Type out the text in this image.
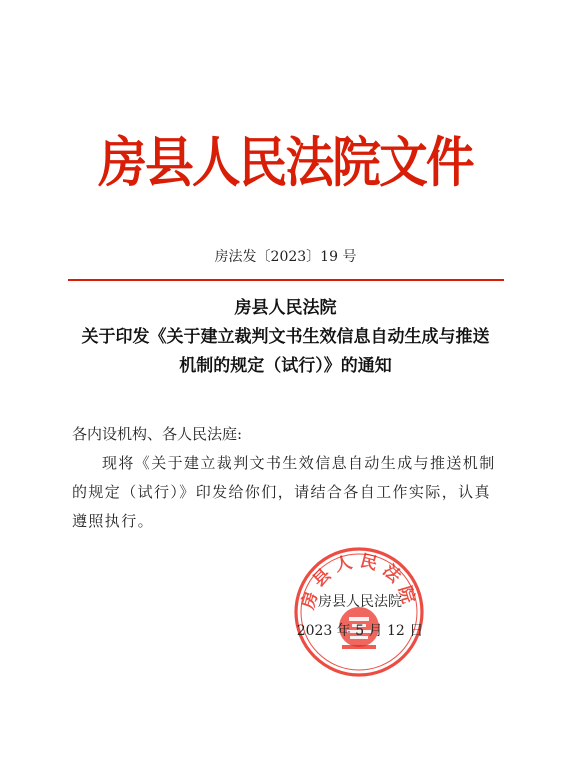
房县人民法院文件
房法发〔2023〕19 号
房县人民法院
关于印发《关于建立裁判文书生效信息自动生成与推送
机制的规定（试行）》的通知

各内设机构、各人民法庭:

现将《关于建立裁判文书生效信息自动生成与推送机制的规定（试行）》印发给你们，请结合各自工作实际，认真遵照执行。

房县人民法院
房县人民法院
2023 年 5 月 12 日
